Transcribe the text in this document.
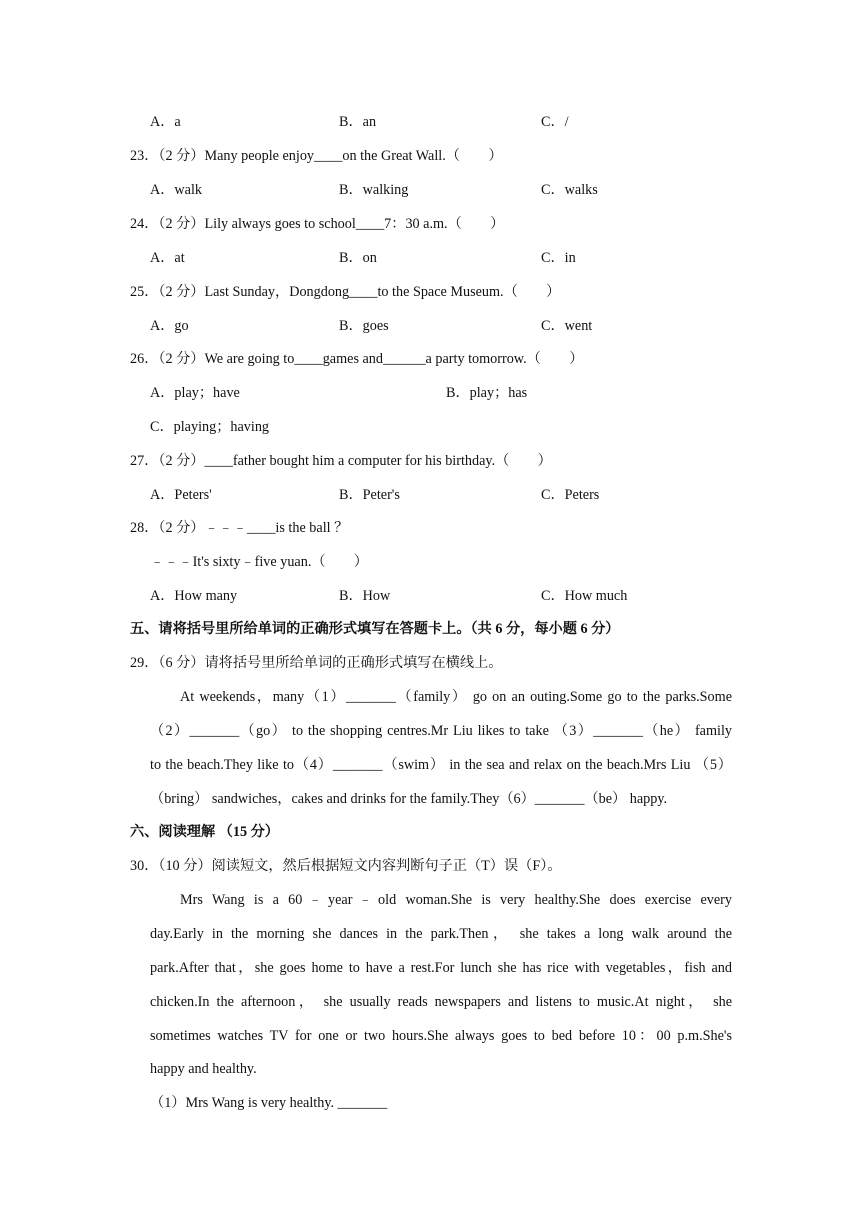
A．a	B．an	C．/
23．（2 分）Many people enjoy____on the Great Wall.（　　）
A．walk	B．walking	C．walks
24．（2 分）Lily always goes to school____7：30 a.m.（　　）
A．at	B．on	C．in
25．（2 分）Last Sunday，Dongdong____to the Space Museum.（　　）
A．go	B．goes	C．went
26．（2 分）We are going to____games and______a party tomorrow.（　　）
A．play；have	B．play；has
C．playing；having
27．（2 分）____father bought him a computer for his birthday.（　　）
A．Peters'	B．Peter's	C．Peters
28．（2 分）﹣﹣﹣____is the ball ？
﹣﹣﹣It's sixty﹣five yuan.（　　）
A．How many	B．How	C．How much
五、请将括号里所给单词的正确形式填写在答题卡上。（共 6 分，每小题 6 分）
29．（6 分）请将括号里所给单词的正确形式填写在横线上。
At weekends，many（1）_______（family） go on an outing.Some go to the parks.Some
（2）_______（go） to the shopping centres.Mr Liu likes to take （3）_______（he） family
to the beach.They like to（4）_______（swim） in the sea and relax on the beach.Mrs Liu （5）
（bring） sandwiches，cakes and drinks for the family.They（6）_______（be） happy.
六、阅读理解 （15 分）
30．（10 分）阅读短文，然后根据短文内容判断句子正（T）误（F）。
Mrs Wang is a 60﹣year﹣old woman.She is very healthy.She does exercise every
day.Early in the morning she dances in the park.Then， she takes a long walk around the
park.After that，she goes home to have a rest.For lunch she has rice with vegetables，fish and
chicken.In the afternoon， she usually reads newspapers and listens to music.At night， she
sometimes watches TV for one or two hours.She always goes to bed before 10：00 p.m.She's
happy and healthy.
（1）Mrs Wang is very healthy. _______
